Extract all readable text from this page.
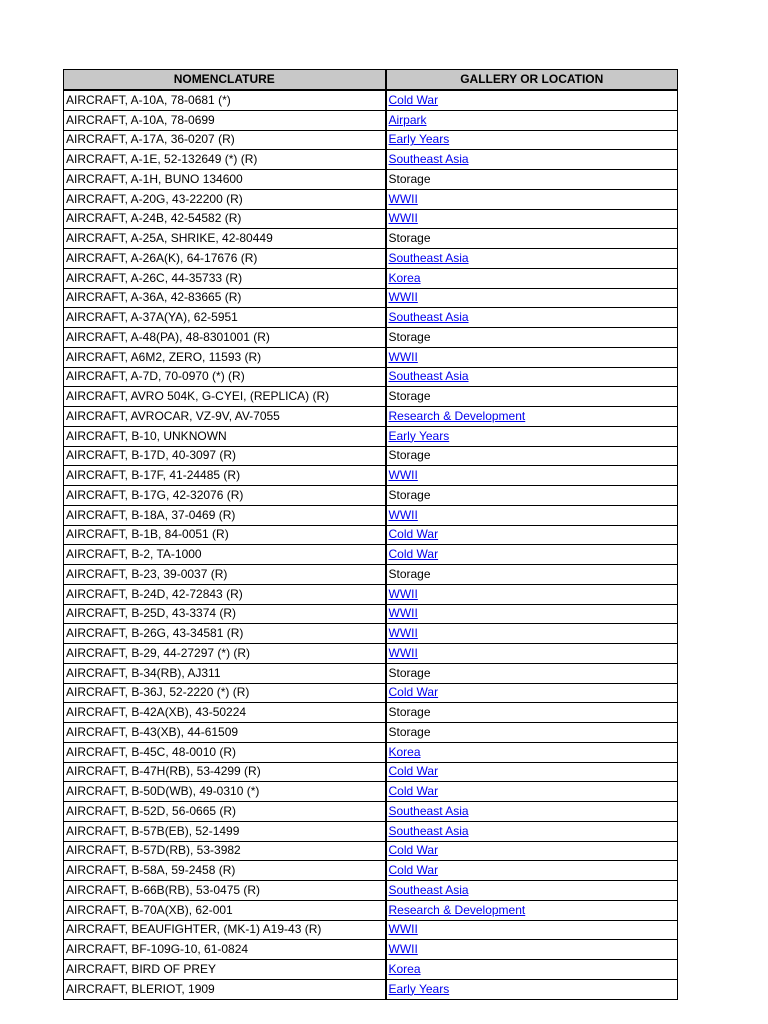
NOMENCLATURE	GALLERY OR LOCATION
AIRCRAFT, A-10A, 78-0681 (*)	Cold War
AIRCRAFT, A-10A, 78-0699	Airpark
AIRCRAFT, A-17A, 36-0207 (R)	Early Years
AIRCRAFT, A-1E, 52-132649 (*) (R)	Southeast Asia
AIRCRAFT, A-1H, BUNO 134600	Storage
AIRCRAFT, A-20G, 43-22200 (R)	WWII
AIRCRAFT, A-24B, 42-54582 (R)	WWII
AIRCRAFT, A-25A, SHRIKE, 42-80449	Storage
AIRCRAFT, A-26A(K), 64-17676 (R)	Southeast Asia
AIRCRAFT, A-26C, 44-35733 (R)	Korea
AIRCRAFT, A-36A, 42-83665 (R)	WWII
AIRCRAFT, A-37A(YA), 62-5951	Southeast Asia
AIRCRAFT, A-48(PA), 48-8301001 (R)	Storage
AIRCRAFT, A6M2, ZERO, 11593 (R)	WWII
AIRCRAFT, A-7D, 70-0970 (*) (R)	Southeast Asia
AIRCRAFT, AVRO 504K, G-CYEI, (REPLICA) (R)	Storage
AIRCRAFT, AVROCAR, VZ-9V, AV-7055	Research & Development
AIRCRAFT, B-10, UNKNOWN	Early Years
AIRCRAFT, B-17D, 40-3097 (R)	Storage
AIRCRAFT, B-17F, 41-24485 (R)	WWII
AIRCRAFT, B-17G, 42-32076 (R)	Storage
AIRCRAFT, B-18A, 37-0469 (R)	WWII
AIRCRAFT, B-1B, 84-0051 (R)	Cold War
AIRCRAFT, B-2, TA-1000	Cold War
AIRCRAFT, B-23, 39-0037 (R)	Storage
AIRCRAFT, B-24D, 42-72843 (R)	WWII
AIRCRAFT, B-25D, 43-3374 (R)	WWII
AIRCRAFT, B-26G, 43-34581 (R)	WWII
AIRCRAFT, B-29, 44-27297 (*) (R)	WWII
AIRCRAFT, B-34(RB), AJ311	Storage
AIRCRAFT, B-36J, 52-2220 (*) (R)	Cold War
AIRCRAFT, B-42A(XB), 43-50224	Storage
AIRCRAFT, B-43(XB), 44-61509	Storage
AIRCRAFT, B-45C, 48-0010 (R)	Korea
AIRCRAFT, B-47H(RB), 53-4299 (R)	Cold War
AIRCRAFT, B-50D(WB), 49-0310 (*)	Cold War
AIRCRAFT, B-52D, 56-0665 (R)	Southeast Asia
AIRCRAFT, B-57B(EB), 52-1499	Southeast Asia
AIRCRAFT, B-57D(RB), 53-3982	Cold War
AIRCRAFT, B-58A, 59-2458 (R)	Cold War
AIRCRAFT, B-66B(RB), 53-0475 (R)	Southeast Asia
AIRCRAFT, B-70A(XB), 62-001	Research & Development
AIRCRAFT, BEAUFIGHTER, (MK-1) A19-43 (R)	WWII
AIRCRAFT, BF-109G-10, 61-0824	WWII
AIRCRAFT, BIRD OF PREY	Korea
AIRCRAFT, BLERIOT, 1909	Early Years
